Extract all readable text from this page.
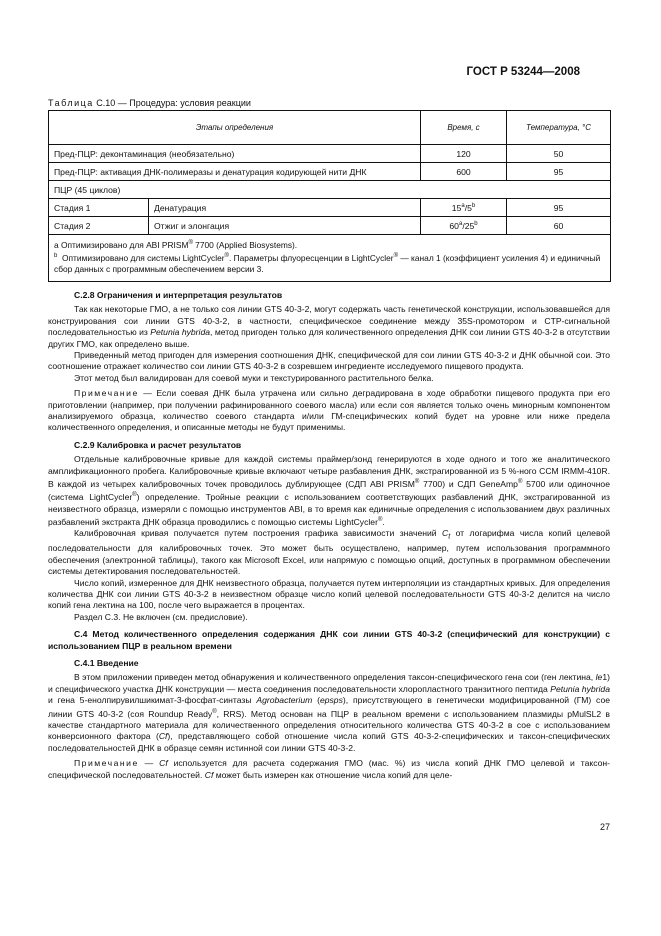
ГОСТ Р 53244—2008
Таблица С.10 — Процедура: условия реакции
Этапы определения		Время, с	Температура, °С
Пред-ПЦР: деконтаминация (необязательно)		120	50
Пред-ПЦР: активация ДНК-полимеразы и денатурация кодирующей нити ДНК		600	95
ПЦР (45 циклов)			
Стадия 1	Денатурация	15$^a$/5$^b$	95
Стадия 2	Отжиг и элонгация	60$^a$/25$^b$	60

а Оптимизировано для ABI PRISM® 7700 (Applied Biosystems).
$^b$ Оптимизировано для системы LightCycler®. Параметры флуоресценции в LightCycler® — канал 1 (коэффициент усиления 4) и единичный сбор данных с программным обеспечением версии 3.			
С.2.8 Ограничения и интерпретация результатов

Так как некоторые ГМО, а не только соя линии GTS 40-3-2, могут содержать часть генетической конструкции, использовавшейся для конструирования сои линии GTS 40-3-2, в частности, специфическое соединение между 35S-промотором и CTP-сигнальной последовательностью из Petunia hybrida, метод пригоден только для количественного определения ДНК сои линии GTS 40-3-2 в отсутствии других ГМО, как определено выше.

Приведенный метод пригоден для измерения соотношения ДНК, специфической для сои линии GTS 40-3-2 и ДНК обычной сои. Это соотношение отражает количество сои линии GTS 40-3-2 в созревшем ингредиенте исследуемого пищевого продукта.

Этот метод был валидирован для соевой муки и текстурированного растительного белка.

Примечание — Если соевая ДНК была утрачена или сильно деградирована в ходе обработки пищевого продукта при его приготовлении (например, при получении рафинированного соевого масла) или если соя является только очень минорным компонентом анализируемого образца, количество соевого стандарта и/или ГМ-специфических копий будет на уровне или ниже предела количественного определения, и описанные методы не будут применимы.

С.2.9 Калибровка и расчет результатов

Отдельные калибровочные кривые для каждой системы праймер/зонд генерируются в ходе одного и того же аналитического амплификационного пробега. Калибровочные кривые включают четыре разбавления ДНК, экстрагированной из 5 %-ного CCM IRMM-410R. В каждой из четырех калибровочных точек проводилось дублирующее (СДП ABI PRISM® 7700) и СДП GeneAmp® 5700 или одиночное (система LightCycler®) определение. Тройные реакции с использованием соответствующих разбавлений ДНК, экстрагированной из неизвестного образца, измеряли с помощью инструментов ABI, в то время как единичные определения с использованием двух различных разбавлений экстракта ДНК образца проводились с помощью системы LightCycler®.

Калибровочная кривая получается путем построения графика зависимости значений $C_t$ от логарифма числа копий целевой последовательности для калибровочных точек. Это может быть осуществлено, например, путем использования программного обеспечения (электронной таблицы), такого как Microsoft Excel, или напрямую с помощью опций, доступных в программном обеспечении системы детектирования последовательностей.

Число копий, измеренное для ДНК неизвестного образца, получается путем интерполяции из стандартных кривых. Для определения количества ДНК сои линии GTS 40-3-2 в неизвестном образце число копий целевой последовательности GTS 40-3-2 делится на число копий гена лектина на 100, после чего выражается в процентах.

Раздел С.3. Не включен (см. предисловие).

С.4 Метод количественного определения содержания ДНК сои линии GTS 40-3-2 (специфический для конструкции) с использованием ПЦР в реальном времени
С.4.1 Введение

В этом приложении приведен метод обнаружения и количественного определения таксон-специфического гена сои (ген лектина, le1) и специфического участка ДНК конструкции — места соединения последовательности хлоропластного транзитного пептида Petunia hybrida и гена 5-енолпирувилшикимат-3-фосфат-синтазы Agrobacterium (epsps), присутствующего в генетически модифицированной (ГМ) сое линии GTS 40-3-2 (соя Roundup Ready®, RRS). Метод основан на ПЦР в реальном времени с использованием плазмиды pMulSL2 в качестве стандартного материала для количественного определения относительного количества GTS 40-3-2 в сое с использованием конверсионного фактора (Cf), представляющего собой отношение числа копий GTS 40-3-2-специфических и таксон-специфических последовательностей ДНК в образце семян истинной сои линии GTS 40-3-2.

Примечание — Cf используется для расчета содержания ГМО (мас. %) из числа копий ДНК ГМО целевой и таксон-специфической последовательностей. Cf может быть измерен как отношение числа копий для целе-

27
